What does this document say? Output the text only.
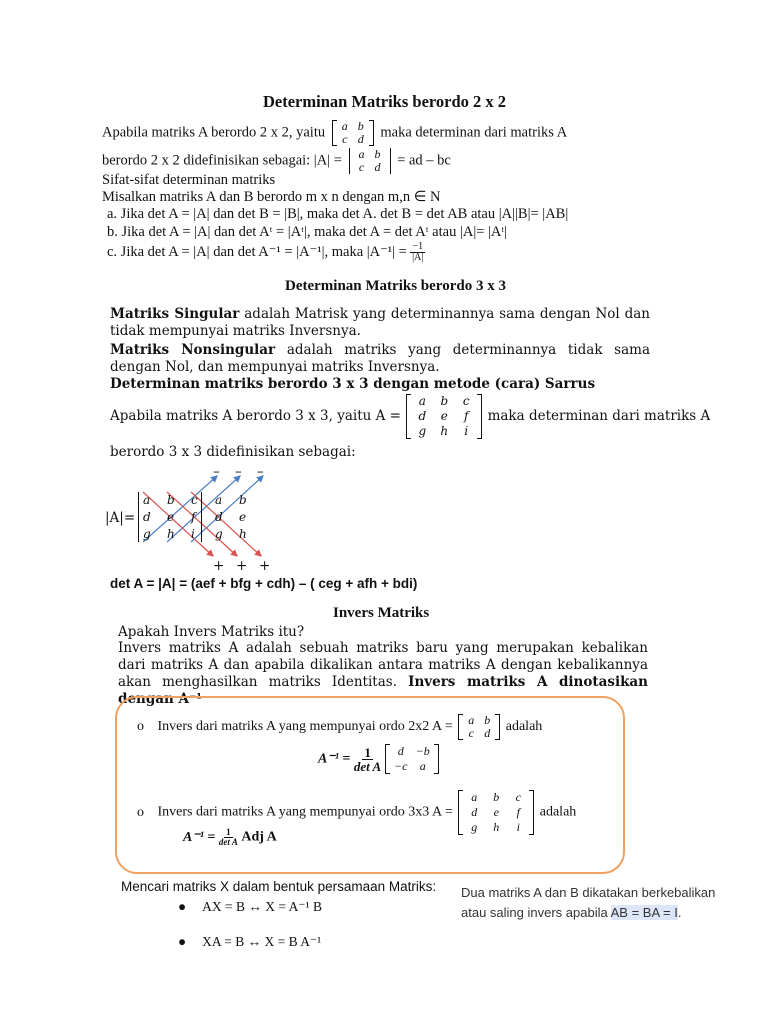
Determinan Matriks berordo 2 x 2
Apabila matriks A berordo 2 x 2, yaitu	a b
c d	maka determinan dari matriks A
berordo 2 x 2 didefinisikan sebagai: |A| =	a b
c d	= ad – bc
Sifat-sifat determinan matriks
Misalkan matriks A dan B berordo m x n dengan m,n ∈ N
a. Jika det A = |A| dan det B = |B|, maka det A. det B = det AB atau |A||B|= |AB|
b. Jika det A = |A| dan det Aᵗ = |Aᵗ|, maka det A = det Aᵗ atau |A|= |Aᵗ|
c. Jika det A = |A| dan det A⁻¹ = |A⁻¹|, maka $|A^{-1}| = \frac{-1}{|A|}$
Determinan Matriks berordo 3 x 3
Matriks Singular adalah Matrisk yang determinannya sama dengan Nol dan tidak mempunyai matriks Inversnya.
Matriks Nonsingular adalah matriks yang determinannya tidak sama dengan Nol, dan mempunyai matriks Inversnya.
Determinan matriks berordo 3 x 3 dengan metode (cara) Sarrus
Apabila matriks A berordo 3 x 3, yaitu A =
a	b	c
d	e	f
g	h	i
maka determinan dari matriks A
berordo 3 x 3 didefinisikan sebagai:
– – –
|A|=
a	b	c	a	b
d	e	f	d	e
g	h	i	g	h
+ + +
det A = |A| = (aef + bfg + cdh) – ( ceg + afh + bdi)
Invers Matriks
Apakah Invers Matriks itu?
Invers matriks A adalah sebuah matriks baru yang merupakan kebalikan dari matriks A dan apabila dikalikan antara matriks A dengan kebalikannya akan menghasilkan matriks Identitas. Invers matriks A dinotasikan dengan A⁻¹
o Invers dari matriks A yang mempunyai ordo 2x2 A =	a b
c d	adalah
$A^{-1} = \frac{1}{\text{det A}}$
	d −b
−c	a
o Invers dari matriks A yang mempunyai ordo 3x3 A =
a	b	c
d	e	f
g	h	i
adalah
$A^{-1} = \frac{1}{\text{det A}}$ Adj A
Mencari matriks X dalam bentuk persamaan Matriks: Dua matriks A dan B dikatakan berkebalikan
atau saling invers apabila AB = BA = I.
● AX = B ↔ X = A⁻¹ B
● XA = B ↔ X = B A⁻¹
